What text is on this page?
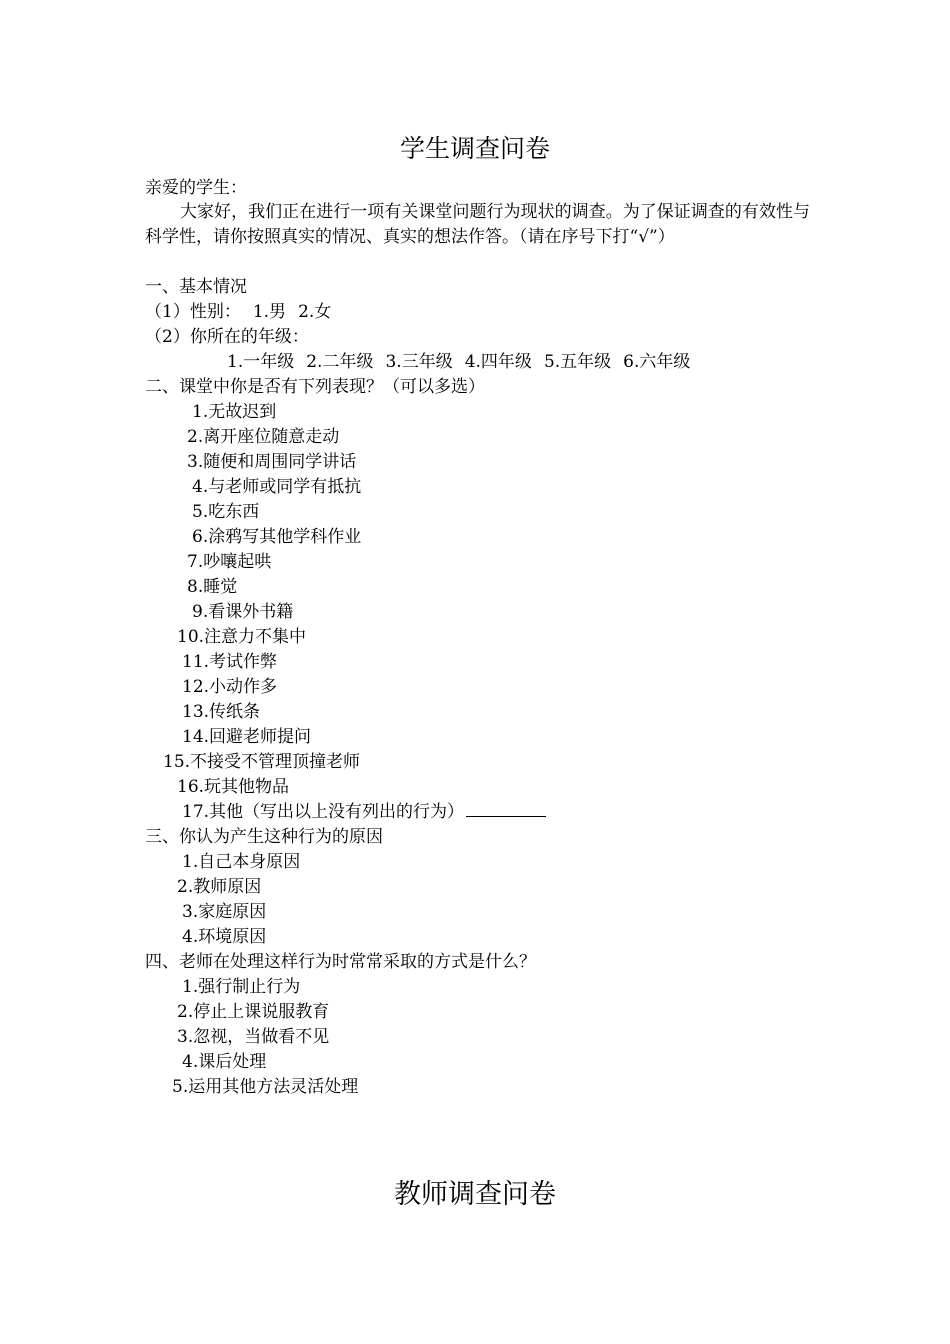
学生调查问卷
亲爱的学生：
大家好，我们正在进行一项有关课堂问题行为现状的调查。为了保证调查的有效性与科学性，请你按照真实的情况、真实的想法作答。（请在序号下打“√”）
一、基本情况
（1）性别： 1.男 2.女
（2）你所在的年级：
1.一年级 2.二年级 3.三年级 4.四年级 5.五年级 6.六年级
二、课堂中你是否有下列表现？（可以多选）
1.无故迟到
2.离开座位随意走动
3.随便和周围同学讲话
4.与老师或同学有抵抗
5.吃东西
6.涂鸦写其他学科作业
7.吵嚷起哄
8.睡觉
9.看课外书籍
10.注意力不集中
11.考试作弊
12.小动作多
13.传纸条
14.回避老师提问
15.不接受不管理顶撞老师
16.玩其他物品
17.其他（写出以上没有列出的行为）
三、你认为产生这种行为的原因
1.自己本身原因
2.教师原因
3.家庭原因
4.环境原因
四、老师在处理这样行为时常常采取的方式是什么？
1.强行制止行为
2.停止上课说服教育
3.忽视，当做看不见
4.课后处理
5.运用其他方法灵活处理
教师调查问卷
